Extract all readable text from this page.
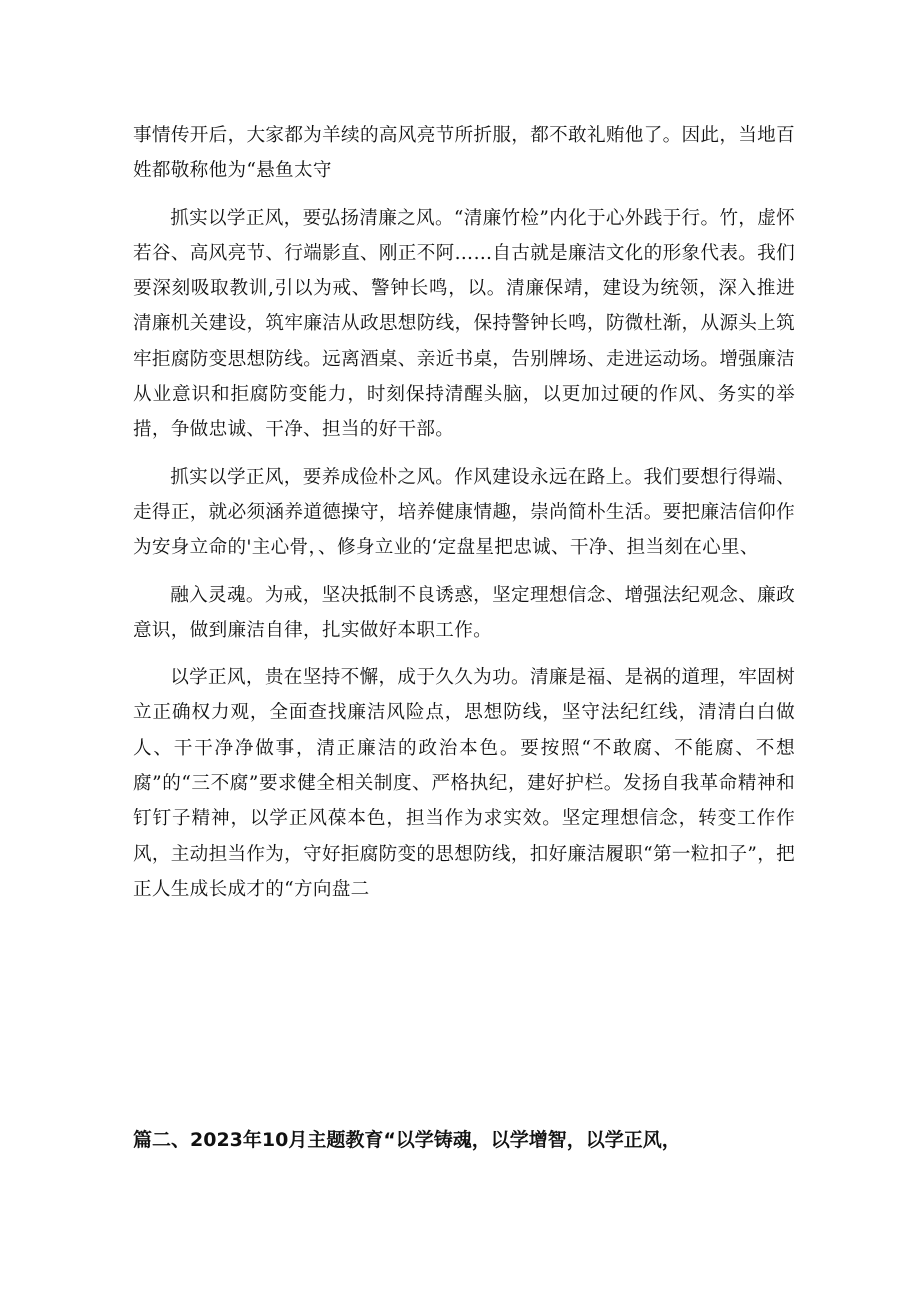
事情传开后，大家都为羊续的高风亮节所折服，都不敢礼贿他了。因此，当地百姓都敬称他为“悬鱼太守

抓实以学正风，要弘扬清廉之风。“清廉竹检”内化于心外践于行。竹，虚怀若谷、高风亮节、行端影直、刚正不阿……自古就是廉洁文化的形象代表。我们要深刻吸取教训,引以为戒、警钟长鸣，以。清廉保靖，建设为统领，深入推进清廉机关建设，筑牢廉洁从政思想防线，保持警钟长鸣，防微杜渐，从源头上筑牢拒腐防变思想防线。远离酒桌、亲近书桌，告别牌场、走进运动场。增强廉洁从业意识和拒腐防变能力，时刻保持清醒头脑，以更加过硬的作风、务实的举措，争做忠诚、干净、担当的好干部。

抓实以学正风，要养成俭朴之风。作风建设永远在路上。我们要想行得端、走得正，就必须涵养道德操守，培养健康情趣，崇尚简朴生活。要把廉洁信仰作为安身立命的'主心骨，、修身立业的‘定盘星把忠诚、干净、担当刻在心里、

融入灵魂。为戒，坚决抵制不良诱惑，坚定理想信念、增强法纪观念、廉政意识，做到廉洁自律，扎实做好本职工作。

以学正风，贵在坚持不懈，成于久久为功。清廉是福、是祸的道理，牢固树立正确权力观，全面查找廉洁风险点，思想防线，坚守法纪红线，清清白白做人、干干净净做事，清正廉洁的政治本色。要按照“不敢腐、不能腐、不想腐”的“三不腐”要求健全相关制度、严格执纪，建好护栏。发扬自我革命精神和钉钉子精神，以学正风葆本色，担当作为求实效。坚定理想信念，转变工作作风，主动担当作为，守好拒腐防变的思想防线，扣好廉洁履职“第一粒扣子”，把正人生成长成才的“方向盘二

篇二、2023年10月主题教育“以学铸魂，以学增智，以学正风，
